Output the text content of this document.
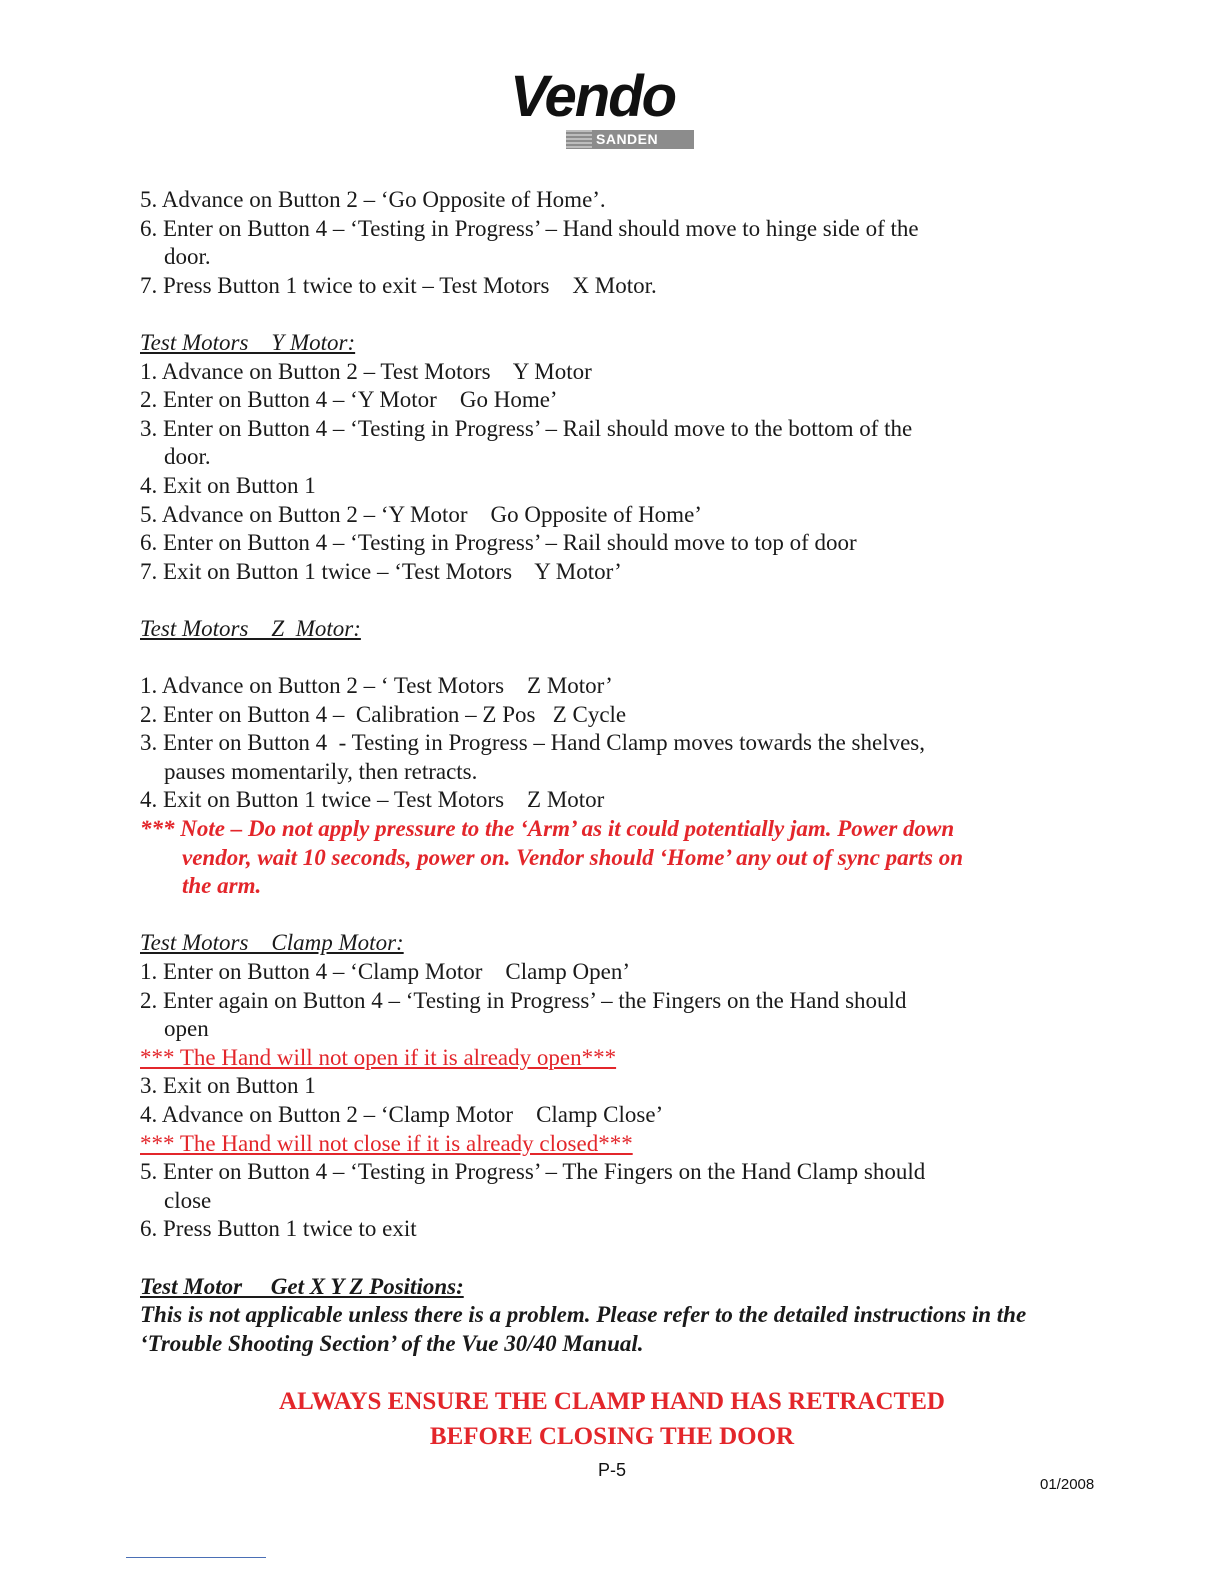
Vendo
SANDEN

5. Advance on Button 2 – ‘Go Opposite of Home’.

6. Enter on Button 4 – ‘Testing in Progress’ – Hand should move to hinge side of the

door.

7. Press Button 1 twice to exit – Test Motors    X Motor.

Test Motors    Y Motor:

1. Advance on Button 2 – Test Motors    Y Motor

2. Enter on Button 4 – ‘Y Motor    Go Home’

3. Enter on Button 4 – ‘Testing in Progress’ – Rail should move to the bottom of the

door.

4. Exit on Button 1

5. Advance on Button 2 – ‘Y Motor    Go Opposite of Home’

6. Enter on Button 4 – ‘Testing in Progress’ – Rail should move to top of door

7. Exit on Button 1 twice – ‘Test Motors    Y Motor’

Test Motors    Z  Motor:

1. Advance on Button 2 – ‘ Test Motors    Z Motor’

2. Enter on Button 4 –  Calibration – Z Pos   Z Cycle

3. Enter on Button 4  - Testing in Progress – Hand Clamp moves towards the shelves,

pauses momentarily, then retracts.

4. Exit on Button 1 twice – Test Motors    Z Motor

*** Note – Do not apply pressure to the ‘Arm’ as it could potentially jam. Power down

vendor, wait 10 seconds, power on. Vendor should ‘Home’ any out of sync parts on

the arm.

Test Motors    Clamp Motor:

1. Enter on Button 4 – ‘Clamp Motor    Clamp Open’

2. Enter again on Button 4 – ‘Testing in Progress’ – the Fingers on the Hand should

open

*** The Hand will not open if it is already open***

3. Exit on Button 1

4. Advance on Button 2 – ‘Clamp Motor    Clamp Close’

*** The Hand will not close if it is already closed***

5. Enter on Button 4 – ‘Testing in Progress’ – The Fingers on the Hand Clamp should

close

6. Press Button 1 twice to exit

Test Motor     Get X Y Z Positions:

This is not applicable unless there is a problem. Please refer to the detailed instructions in the

‘Trouble Shooting Section’ of the Vue 30/40 Manual.

ALWAYS ENSURE THE CLAMP HAND HAS RETRACTED
BEFORE CLOSING THE DOOR
P-5
01/2008
